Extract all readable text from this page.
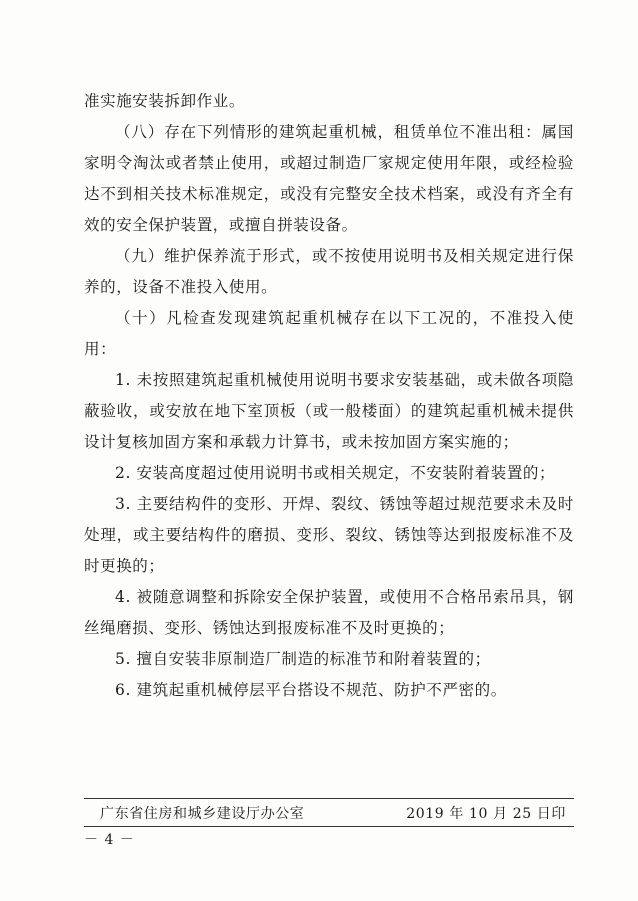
准实施安装拆卸作业。

（八）存在下列情形的建筑起重机械，租赁单位不准出租：属国家明令淘汰或者禁止使用，或超过制造厂家规定使用年限，或经检验达不到相关技术标准规定，或没有完整安全技术档案，或没有齐全有效的安全保护装置，或擅自拼装设备。

（九）维护保养流于形式，或不按使用说明书及相关规定进行保养的，设备不准投入使用。

（十）凡检查发现建筑起重机械存在以下工况的，不准投入使用：

1. 未按照建筑起重机械使用说明书要求安装基础，或未做各项隐蔽验收，或安放在地下室顶板（或一般楼面）的建筑起重机械未提供设计复核加固方案和承载力计算书，或未按加固方案实施的；

2. 安装高度超过使用说明书或相关规定，不安装附着装置的；

3. 主要结构件的变形、开焊、裂纹、锈蚀等超过规范要求未及时处理，或主要结构件的磨损、变形、裂纹、锈蚀等达到报废标准不及时更换的；

4. 被随意调整和拆除安全保护装置，或使用不合格吊索吊具，钢丝绳磨损、变形、锈蚀达到报废标准不及时更换的；

5. 擅自安装非原制造厂制造的标准节和附着装置的；

6. 建筑起重机械停层平台搭设不规范、防护不严密的。

广东省住房和城乡建设厅办公室	2019 年 10 月 25 日印
－ 4 －
